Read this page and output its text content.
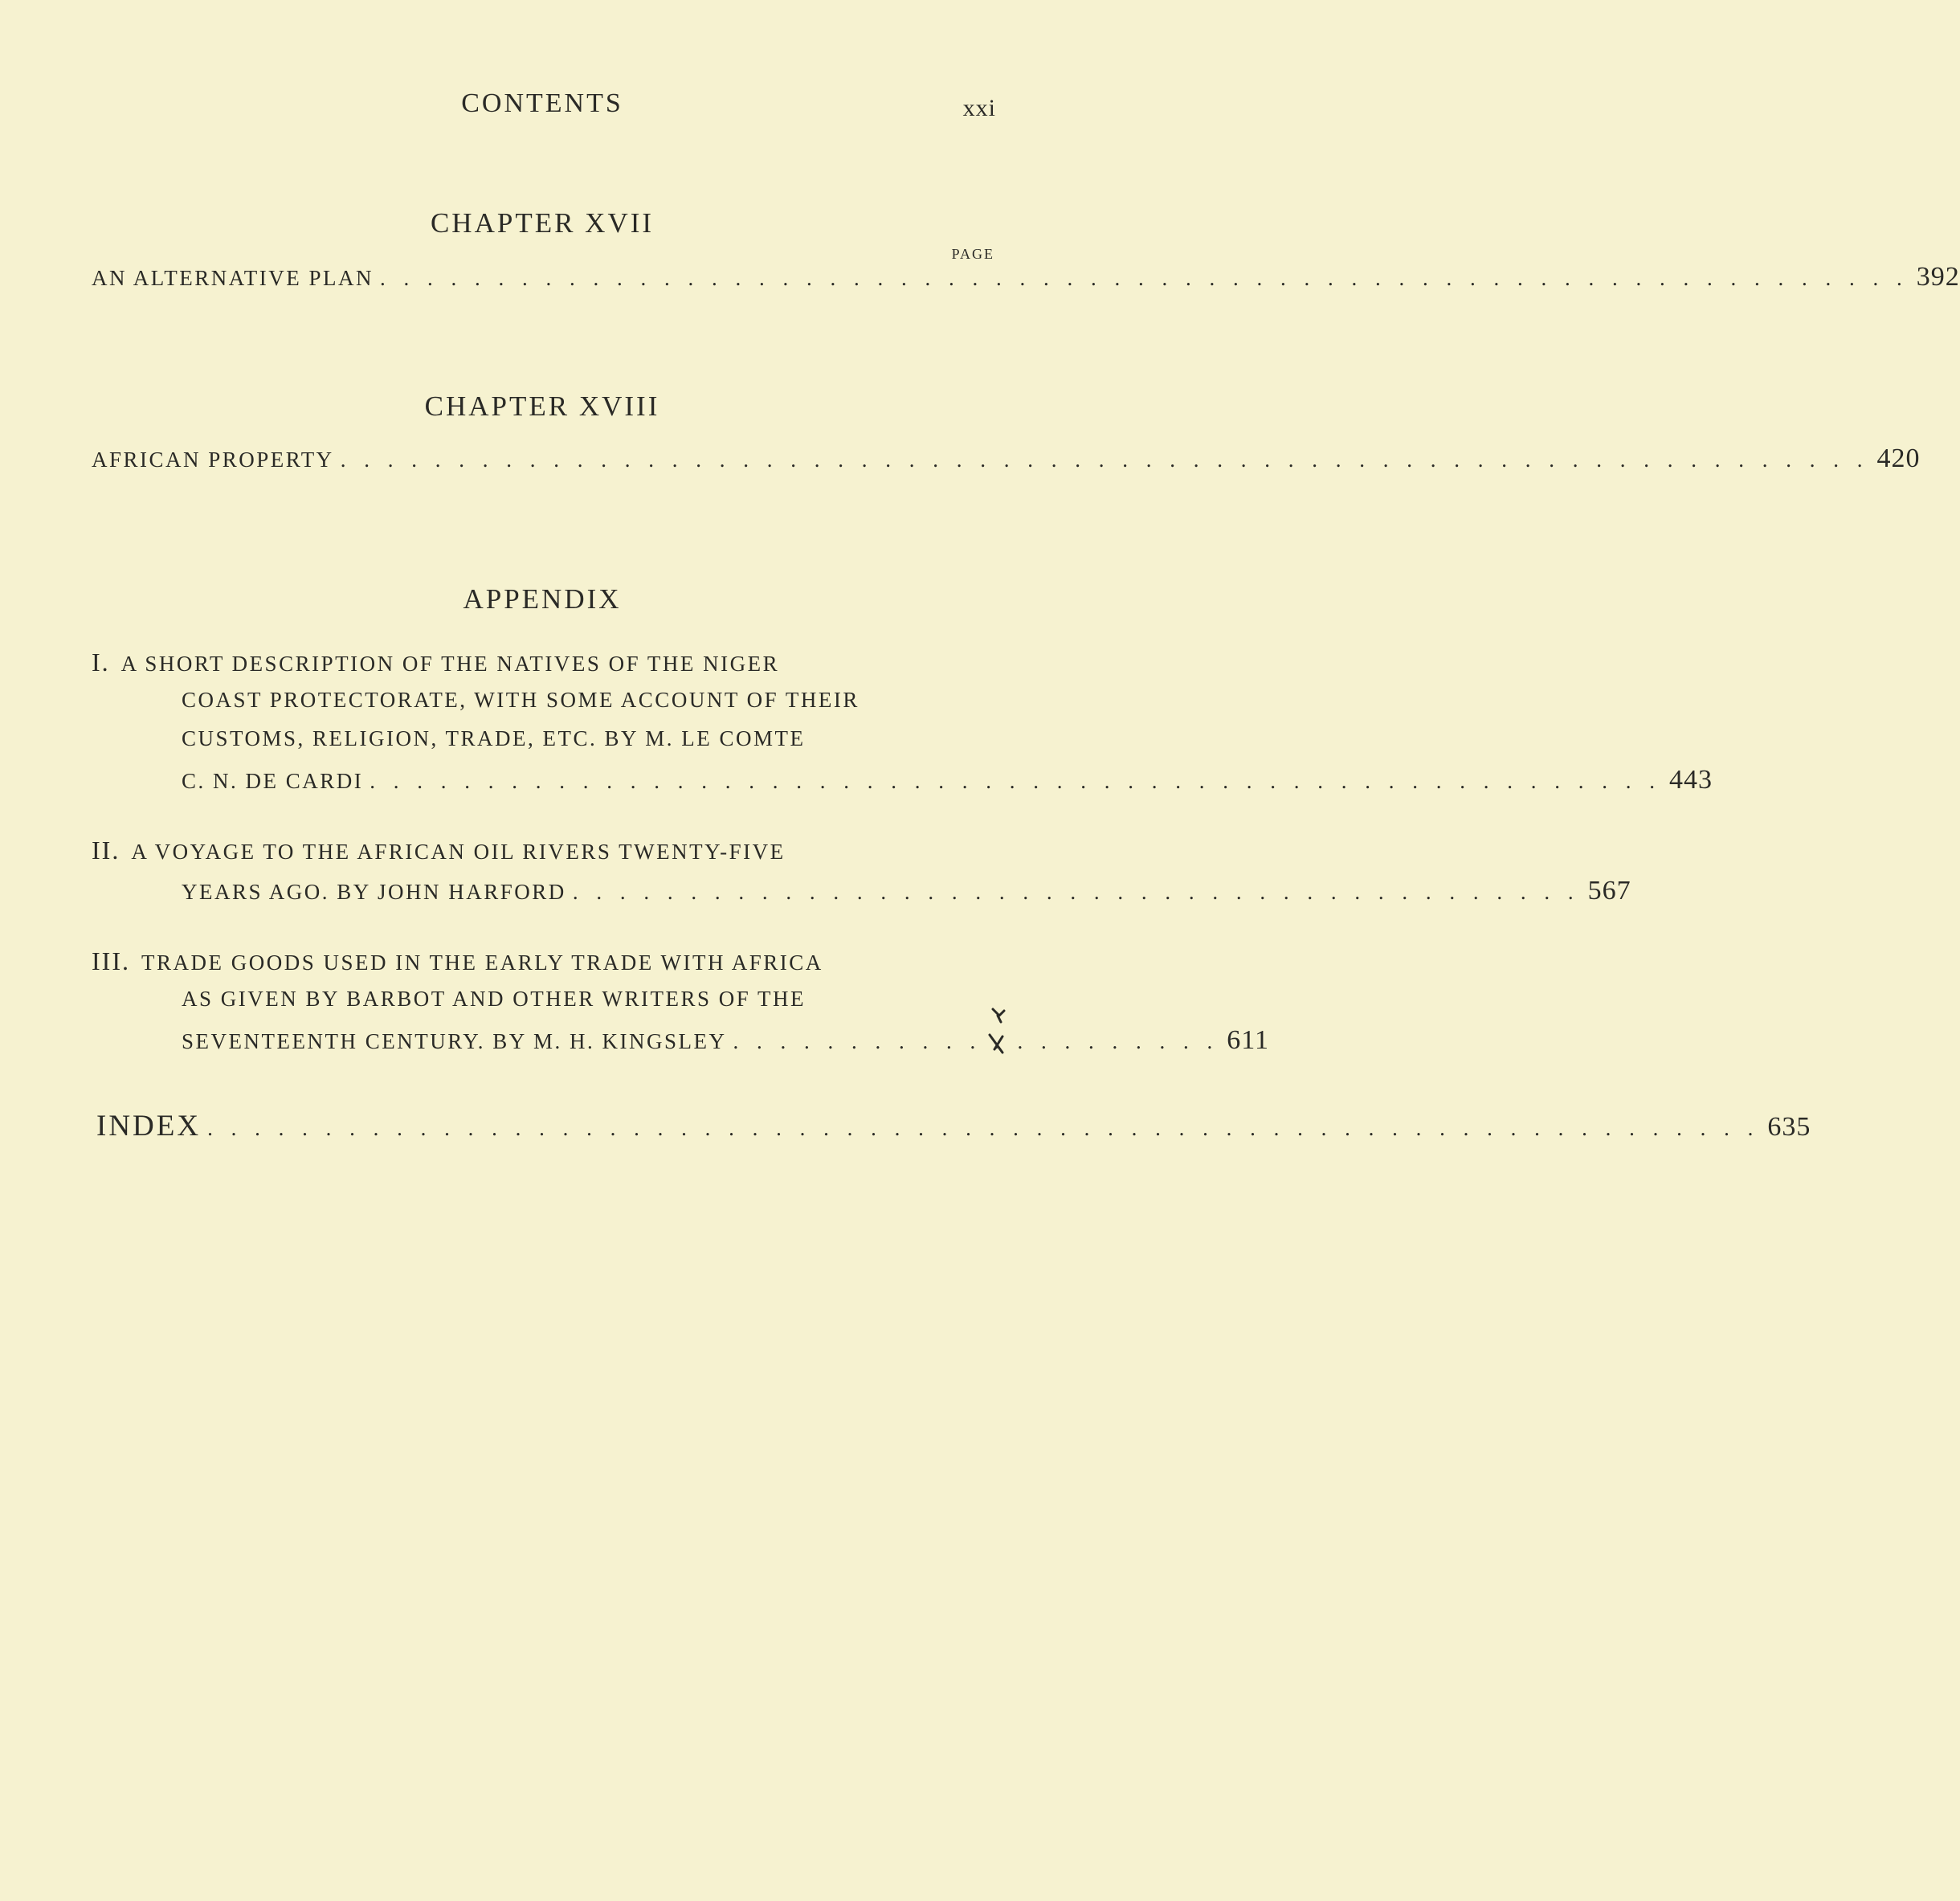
CONTENTS	xxi
CHAPTER XVII
PAGE
AN ALTERNATIVE PLAN . . . . . . . . . . . . . . . . . . . . . . . . . . . . . . . . . . . . . . . . . . . . . . . . . . . . . . . . . . . . . . . . . 392
CHAPTER XVIII
AFRICAN PROPERTY . . . . . . . . . . . . . . . . . . . . . . . . . . . . . . . . . . . . . . . . . . . . . . . . . . . . . . . . . . . . . . . . . 420
APPENDIX
I. A SHORT DESCRIPTION OF THE NATIVES OF THE NIGER
COAST PROTECTORATE, WITH SOME ACCOUNT OF THEIR
CUSTOMS, RELIGION, TRADE, ETC. BY M. LE COMTE
C. N. DE CARDI . . . . . . . . . . . . . . . . . . . . . . . . . . . . . . . . . . . . . . . . . . . . . . . . . . . . . . . 443
II. A VOYAGE TO THE AFRICAN OIL RIVERS TWENTY-FIVE
YEARS AGO. BY JOHN HARFORD . . . . . . . . . . . . . . . . . . . . . . . . . . . . . . . . . . . . . . . . . . . 567
III. TRADE GOODS USED IN THE EARLY TRADE WITH AFRICA
AS GIVEN BY BARBOT AND OTHER WRITERS OF THE
SEVENTEENTH CENTURY. BY M. H. KINGSLEY . . . . . . . . . . . . . . . . . . . . . 611
INDEX . . . . . . . . . . . . . . . . . . . . . . . . . . . . . . . . . . . . . . . . . . . . . . . . . . . . . . . . . . . . . . . . . . 635
